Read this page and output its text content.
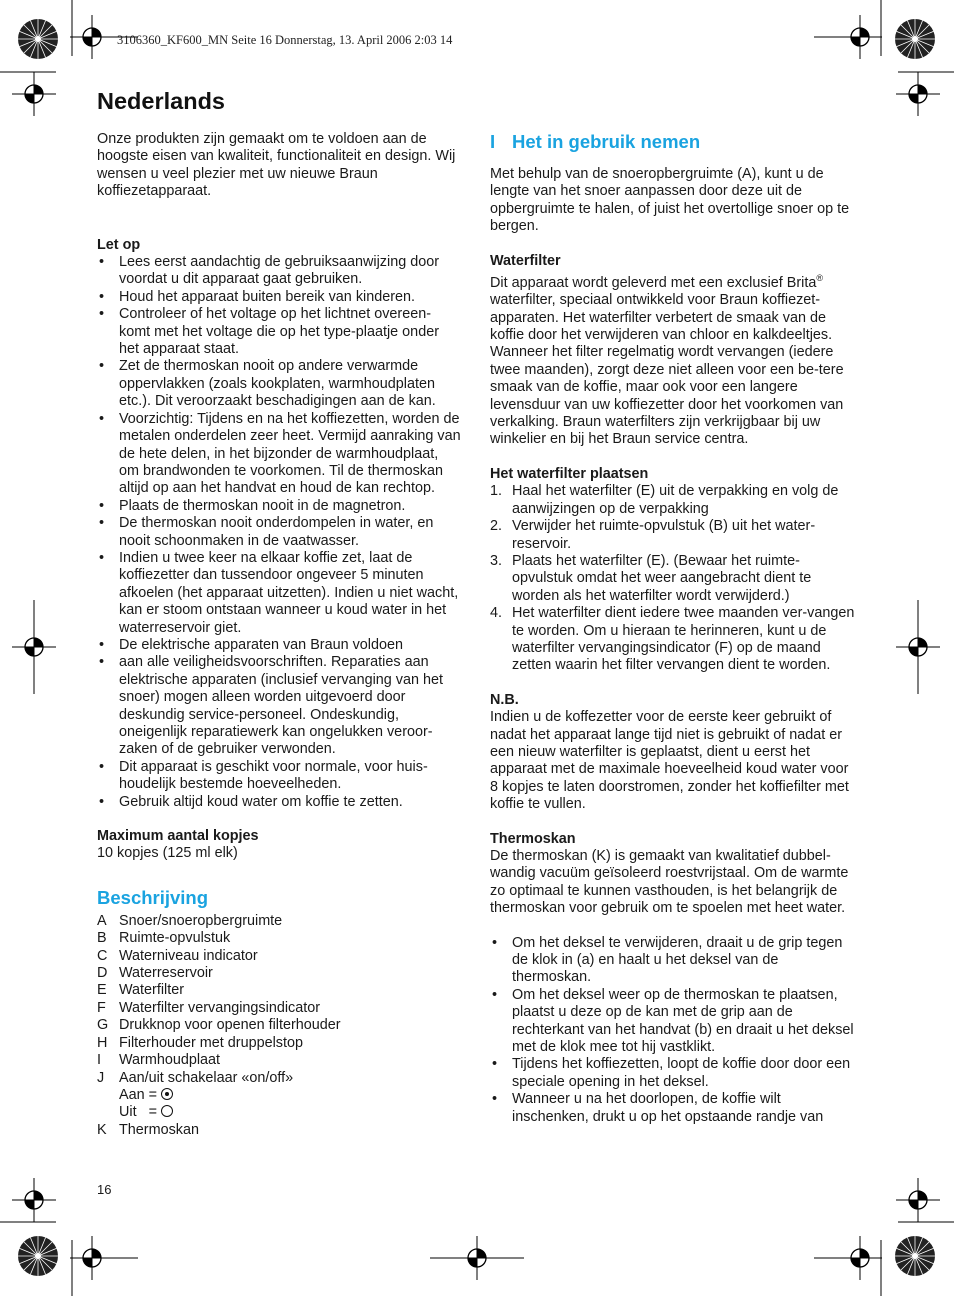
3106360_KF600_MN Seite 16 Donnerstag, 13. April 2006 2:03 14
Nederlands

Onze produkten zijn gemaakt om te voldoen aan de hoogste eisen van kwaliteit, functionaliteit en design. Wij wensen u veel plezier met uw nieuwe Braun koffiezetapparaat.

Let op

• Lees eerst aandachtig de gebruiksaanwijzing door voordat u dit apparaat gaat gebruiken.
• Houd het apparaat buiten bereik van kinderen.
• Controleer of het voltage op het lichtnet overeen-komt met het voltage die op het type-plaatje onder het apparaat staat.
• Zet de thermoskan nooit op andere verwarmde oppervlakken (zoals kookplaten, warmhoudplaten etc.). Dit veroorzaakt beschadigingen aan de kan.
• Voorzichtig: Tijdens en na het koffiezetten, worden de metalen onderdelen zeer heet. Vermijd aanraking van de hete delen, in het bijzonder de warmhoudplaat, om brandwonden te voorkomen. Til de thermoskan altijd op aan het handvat en houd de kan rechtop.
• Plaats de thermoskan nooit in de magnetron.
• De thermoskan nooit onderdompelen in water, en nooit schoonmaken in de vaatwasser.
• Indien u twee keer na elkaar koffie zet, laat de koffiezetter dan tussendoor ongeveer 5 minuten afkoelen (het apparaat uitzetten). Indien u niet wacht, kan er stoom ontstaan wanneer u koud water in het waterreservoir giet.
• De elektrische apparaten van Braun voldoen
• aan alle veiligheidsvoorschriften. Reparaties aan elektrische apparaten (inclusief vervanging van het snoer) mogen alleen worden uitgevoerd door deskundig service-personeel. Ondeskundig, oneigenlijk reparatiewerk kan ongelukken veroor-zaken of de gebruiker verwonden.
• Dit apparaat is geschikt voor normale, voor huis-houdelijk bestemde hoeveelheden.
• Gebruik altijd koud water om koffie te zetten.

Maximum aantal kopjes

10 kopjes (125 ml elk)

Beschrijving
A Snoer/snoeropbergruimte
B Ruimte-opvulstuk
C Waterniveau indicator
D Waterreservoir
E Waterfilter
F Waterfilter vervangingsindicator
G Drukknop voor openen filterhouder
H Filterhouder met druppelstop
I Warmhoudplaat
J Aan/uit schakelaar «on/off»
Aan =
Uit   =
K Thermoskan
I Het in gebruik nemen

Met behulp van de snoeropbergruimte (A), kunt u de lengte van het snoer aanpassen door deze uit de opbergruimte te halen, of juist het overtollige snoer op te bergen.

Waterfilter

Dit apparaat wordt geleverd met een exclusief Brita® waterfilter, speciaal ontwikkeld voor Braun koffiezet-apparaten. Het waterfilter verbetert de smaak van de koffie door het verwijderen van chloor en kalkdeeltjes. Wanneer het filter regelmatig wordt vervangen (iedere twee maanden), zorgt deze niet alleen voor een be-tere smaak van de koffie, maar ook voor een langere levensduur van uw koffiezetter door het voorkomen van verkalking. Braun waterfilters zijn verkrijgbaar bij uw winkelier en bij het Braun service centra.

Het waterfilter plaatsen

1. Haal het waterfilter (E) uit de verpakking en volg de aanwijzingen op de verpakking
2. Verwijder het ruimte-opvulstuk (B) uit het water-reservoir.
3. Plaats het waterfilter (E). (Bewaar het ruimte-opvulstuk omdat het weer aangebracht dient te worden als het waterfilter wordt verwijderd.)
4. Het waterfilter dient iedere twee maanden ver-vangen te worden. Om u hieraan te herinneren, kunt u de waterfilter vervangingsindicator (F) op de maand zetten waarin het filter vervangen dient te worden.

N.B.

Indien u de koffezetter voor de eerste keer gebruikt of nadat het apparaat lange tijd niet is gebruikt of nadat er een nieuw waterfilter is geplaatst, dient u eerst het apparaat met de maximale hoeveelheid koud water voor 8 kopjes te laten doorstromen, zonder het koffiefilter met koffie te vullen.

Thermoskan

De thermoskan (K) is gemaakt van kwalitatief dubbel-wandig vacuüm geïsoleerd roestvrijstaal. Om de warmte zo optimaal te kunnen vasthouden, is het belangrijk de thermoskan voor gebruik om te spoelen met heet water.

• Om het deksel te verwijderen, draait u de grip tegen de klok in (a) en haalt u het deksel van de thermoskan.
• Om het deksel weer op de thermoskan te plaatsen, plaatst u deze op de kan met de grip aan de rechterkant van het handvat (b) en draait u het deksel met de klok mee tot hij vastklikt.
• Tijdens het koffiezetten, loopt de koffie door door een speciale opening in het deksel.
• Wanneer u na het doorlopen, de koffie wilt inschenken, drukt u op het opstaande randje van
16
